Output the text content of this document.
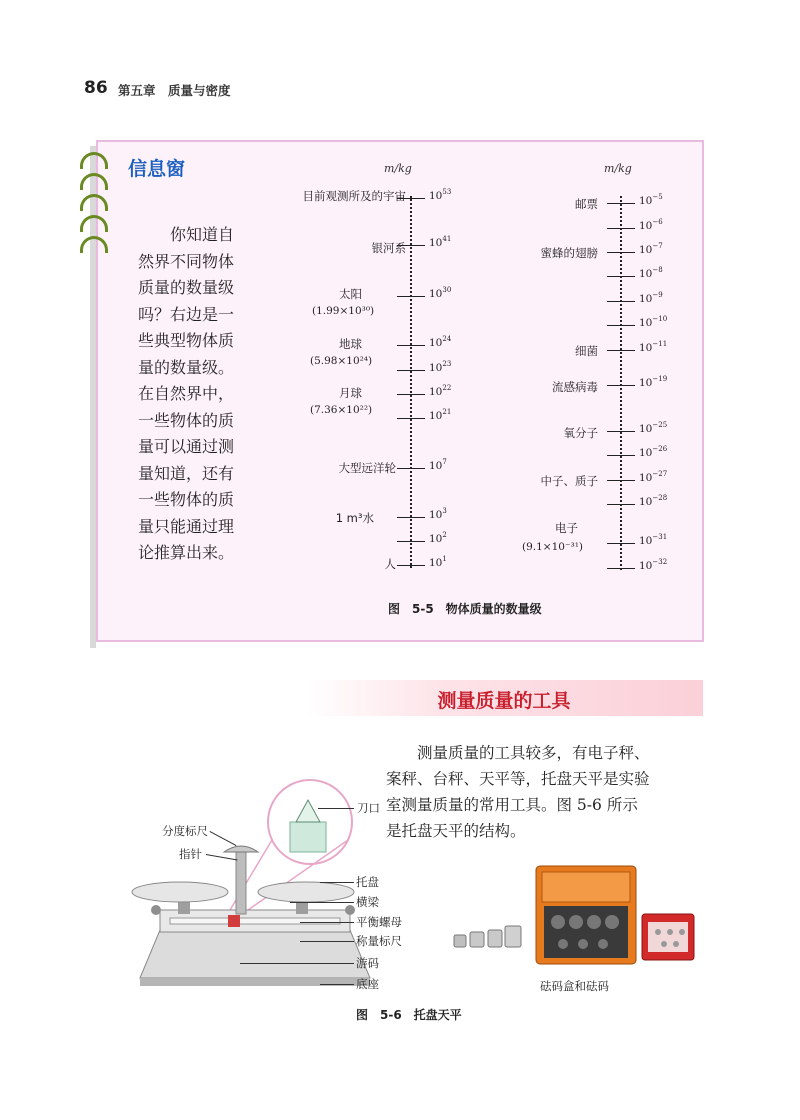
86 第五章　质量与密度
信息窗
你知道自
然界不同物体
质量的数量级
吗？右边是一
些典型物体质
量的数量级。
在自然界中，
一些物体的质
量可以通过测
量知道，还有
一些物体的质
量只能通过理
论推算出来。
m/kg
$10^{53}$
$10^{41}$
$10^{30}$
$10^{24}$
$10^{23}$
$10^{22}$
$10^{21}$
$10^7$
$10^3$
$10^2$
$10^1$
目前观测所及的宇宙
银河系
太阳
(1.99×10³⁰)
地球
(5.98×10²⁴)
月球
(7.36×10²²)
大型远洋轮
1 m³水
人
m/kg
$10^{-5}$
$10^{-6}$
$10^{-7}$
$10^{-8}$
$10^{-9}$
$10^{-10}$
$10^{-11}$
$10^{-19}$
$10^{-25}$
$10^{-26}$
$10^{-27}$
$10^{-28}$
$10^{-31}$
$10^{-32}$
邮票
蜜蜂的翅膀
细菌
流感病毒
氧分子
中子、质子
电子
(9.1×10⁻³¹)
图　5-5　物体质量的数量级
测量质量的工具
测量质量的工具较多，有电子秤、
案秤、台秤、天平等，托盘天平是实验
室测量质量的常用工具。图 5-6 所示
是托盘天平的结构。
刀口
分度标尺
指针
托盘
横梁
平衡螺母
称量标尺
游码
底座	砝码盒和砝码
图　5-6　托盘天平
